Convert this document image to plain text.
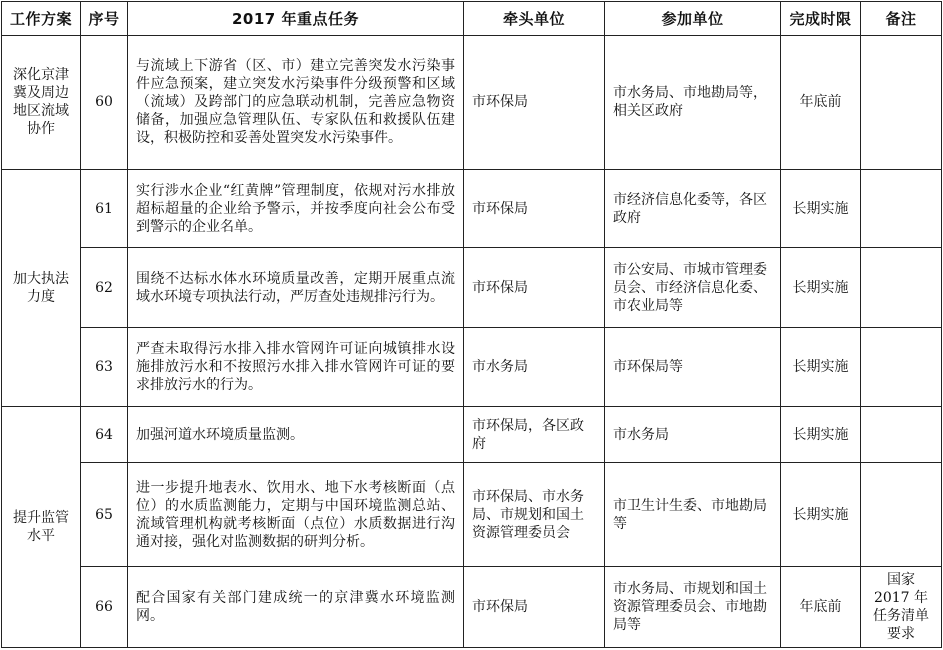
工作方案	序号	2017 年重点任务	牵头单位	参加单位	完成时限	备注
深化京津冀及周边地区流域协作	60	与流域上下游省（区、市）建立完善突发水污染事件应急预案，建立突发水污染事件分级预警和区域（流域）及跨部门的应急联动机制，完善应急物资储备，加强应急管理队伍、专家队伍和救援队伍建设，积极防控和妥善处置突发水污染事件。	市环保局	市水务局、市地勘局等，相关区政府	年底前	
加大执法力度	61	实行涉水企业“红黄牌”管理制度，依规对污水排放超标超量的企业给予警示，并按季度向社会公布受到警示的企业名单。	市环保局	市经济信息化委等，各区政府	长期实施	
	62	围绕不达标水体水环境质量改善，定期开展重点流域水环境专项执法行动，严厉查处违规排污行为。	市环保局	市公安局、市城市管理委员会、市经济信息化委、市农业局等	长期实施	
	63	严查未取得污水排入排水管网许可证向城镇排水设施排放污水和不按照污水排入排水管网许可证的要求排放污水的行为。	市水务局	市环保局等	长期实施	
提升监管水平	64	加强河道水环境质量监测。	市环保局，各区政府	市水务局	长期实施	
	65	进一步提升地表水、饮用水、地下水考核断面（点位）的水质监测能力，定期与中国环境监测总站、流域管理机构就考核断面（点位）水质数据进行沟通对接，强化对监测数据的研判分析。	市环保局、市水务局、市规划和国土资源管理委员会	市卫生计生委、市地勘局等	长期实施	
	66	配合国家有关部门建成统一的京津冀水环境监测网。	市环保局	市水务局、市规划和国土资源管理委员会、市地勘局等	年底前	国家 2017 年任务清单要求
